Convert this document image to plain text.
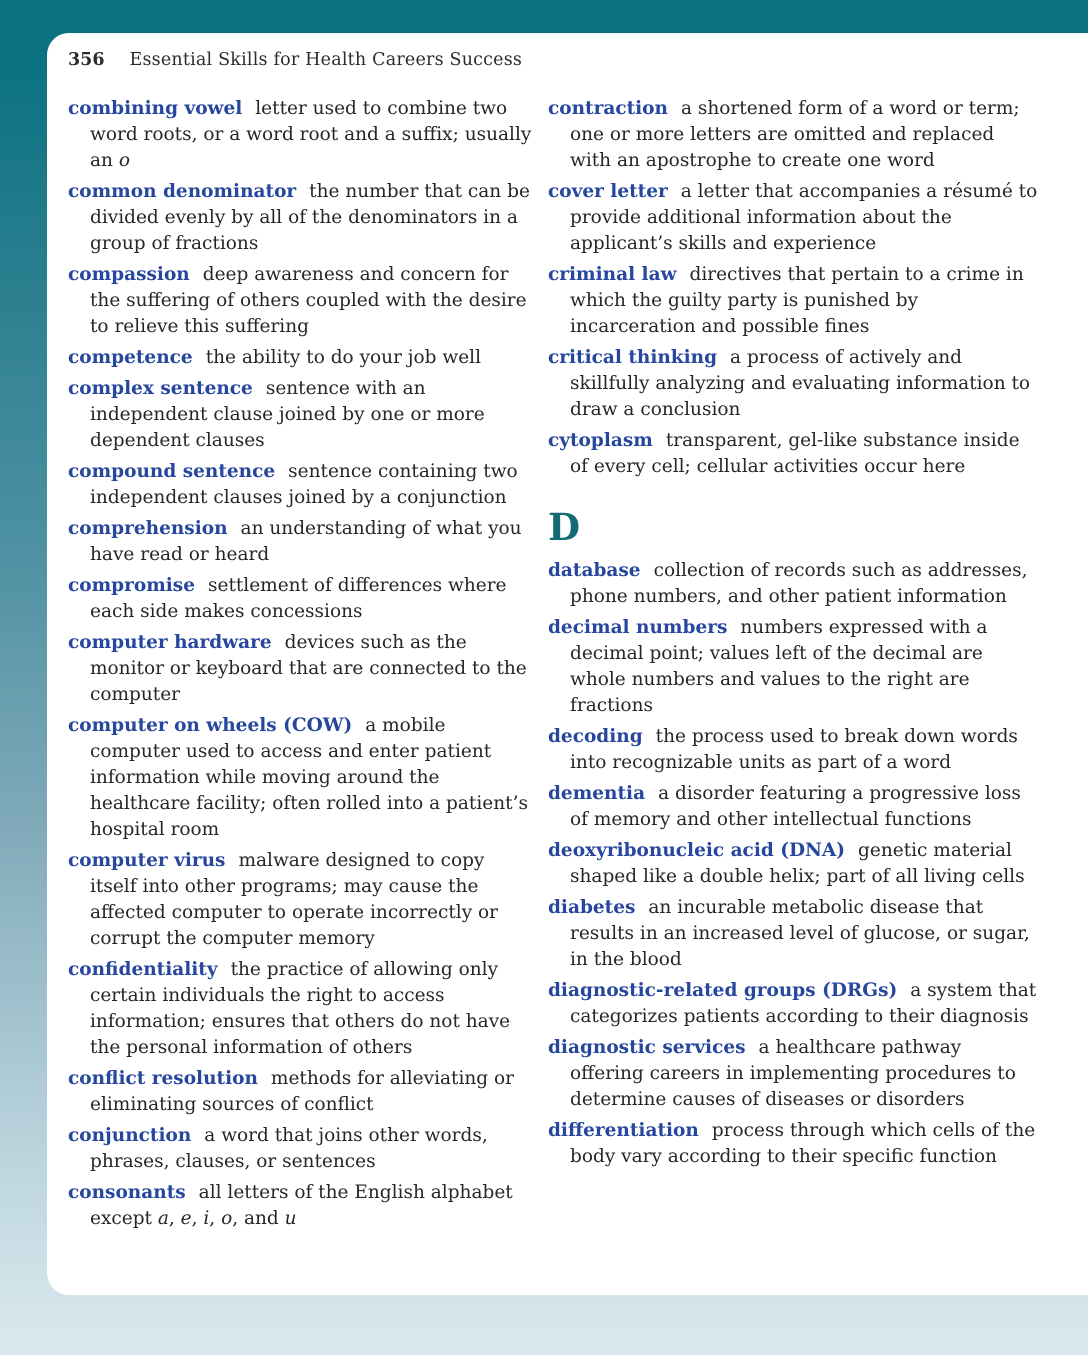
356 Essential Skills for Health Careers Success

combining vowel letter used to combine two word roots, or a word root and a suffix; usually an o

common denominator the number that can be divided evenly by all of the denominators in a group of fractions

compassion deep awareness and concern for the suffering of others coupled with the desire to relieve this suffering

competence the ability to do your job well

complex sentence sentence with an independent clause joined by one or more dependent clauses

compound sentence sentence containing two independent clauses joined by a conjunction

comprehension an understanding of what you have read or heard

compromise settlement of differences where each side makes concessions

computer hardware devices such as the monitor or keyboard that are connected to the computer

computer on wheels (COW) a mobile computer used to access and enter patient information while moving around the healthcare facility; often rolled into a patient’s hospital room

computer virus malware designed to copy itself into other programs; may cause the affected computer to operate incorrectly or corrupt the computer memory

confidentiality the practice of allowing only certain individuals the right to access information; ensures that others do not have the personal information of others

conflict resolution methods for alleviating or eliminating sources of conflict

conjunction a word that joins other words, phrases, clauses, or sentences

consonants all letters of the English alphabet except a, e, i, o, and u

contraction a shortened form of a word or term; one or more letters are omitted and replaced with an apostrophe to create one word

cover letter a letter that accompanies a résumé to provide additional information about the applicant’s skills and experience

criminal law directives that pertain to a crime in which the guilty party is punished by incarceration and possible fines

critical thinking a process of actively and skillfully analyzing and evaluating information to draw a conclusion

cytoplasm transparent, gel-like substance inside of every cell; cellular activities occur here

D

database collection of records such as addresses, phone numbers, and other patient information

decimal numbers numbers expressed with a decimal point; values left of the decimal are whole numbers and values to the right are fractions

decoding the process used to break down words into recognizable units as part of a word

dementia a disorder featuring a progressive loss of memory and other intellectual functions

deoxyribonucleic acid (DNA) genetic material shaped like a double helix; part of all living cells

diabetes an incurable metabolic disease that results in an increased level of glucose, or sugar, in the blood

diagnostic-related groups (DRGs) a system that categorizes patients according to their diagnosis

diagnostic services a healthcare pathway offering careers in implementing procedures to determine causes of diseases or disorders

differentiation process through which cells of the body vary according to their specific function
